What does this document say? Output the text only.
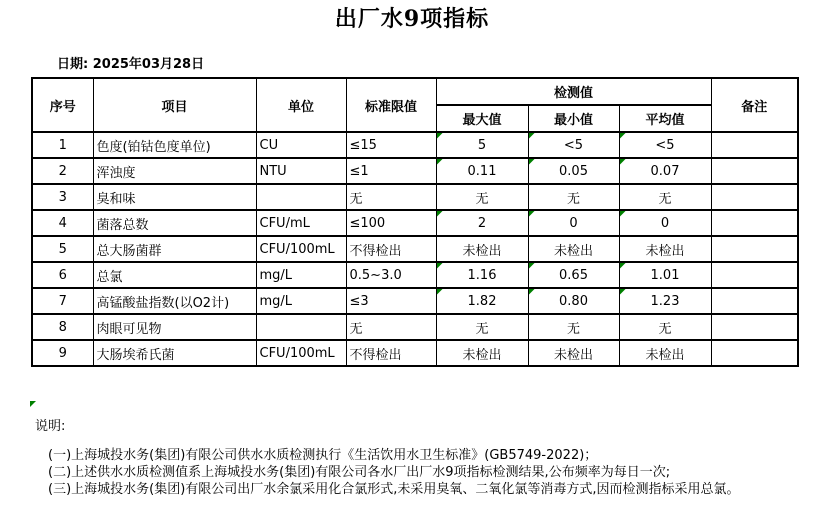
出厂水9项指标
日期: 2025年03月28日
序号	项目	单位	标准限值	检测值			备注
				最大值	最小值	平均值	
1	色度(铂钴色度单位)	CU	≤15	5	<5	<5	
2	浑浊度	NTU	≤1	0.11	0.05	0.07	
3	臭和味		无	无	无	无	
4	菌落总数	CFU/mL	≤100	2	0	0	
5	总大肠菌群	CFU/100mL	不得检出	未检出	未检出	未检出	
6	总氯	mg/L	0.5~3.0	1.16	0.65	1.01	
7	高锰酸盐指数(以O2计)	mg/L	≤3	1.82	0.80	1.23	
8	肉眼可见物		无	无	无	无	
9	大肠埃希氏菌	CFU/100mL	不得检出	未检出	未检出	未检出	
说明:
(一)上海城投水务(集团)有限公司供水水质检测执行《生活饮用水卫生标准》(GB5749-2022)；
(二)上述供水水质检测值系上海城投水务(集团)有限公司各水厂出厂水9项指标检测结果,公布频率为每日一次;
(三)上海城投水务(集团)有限公司出厂水余氯采用化合氯形式,未采用臭氧、二氧化氯等消毒方式,因而检测指标采用总氯。
